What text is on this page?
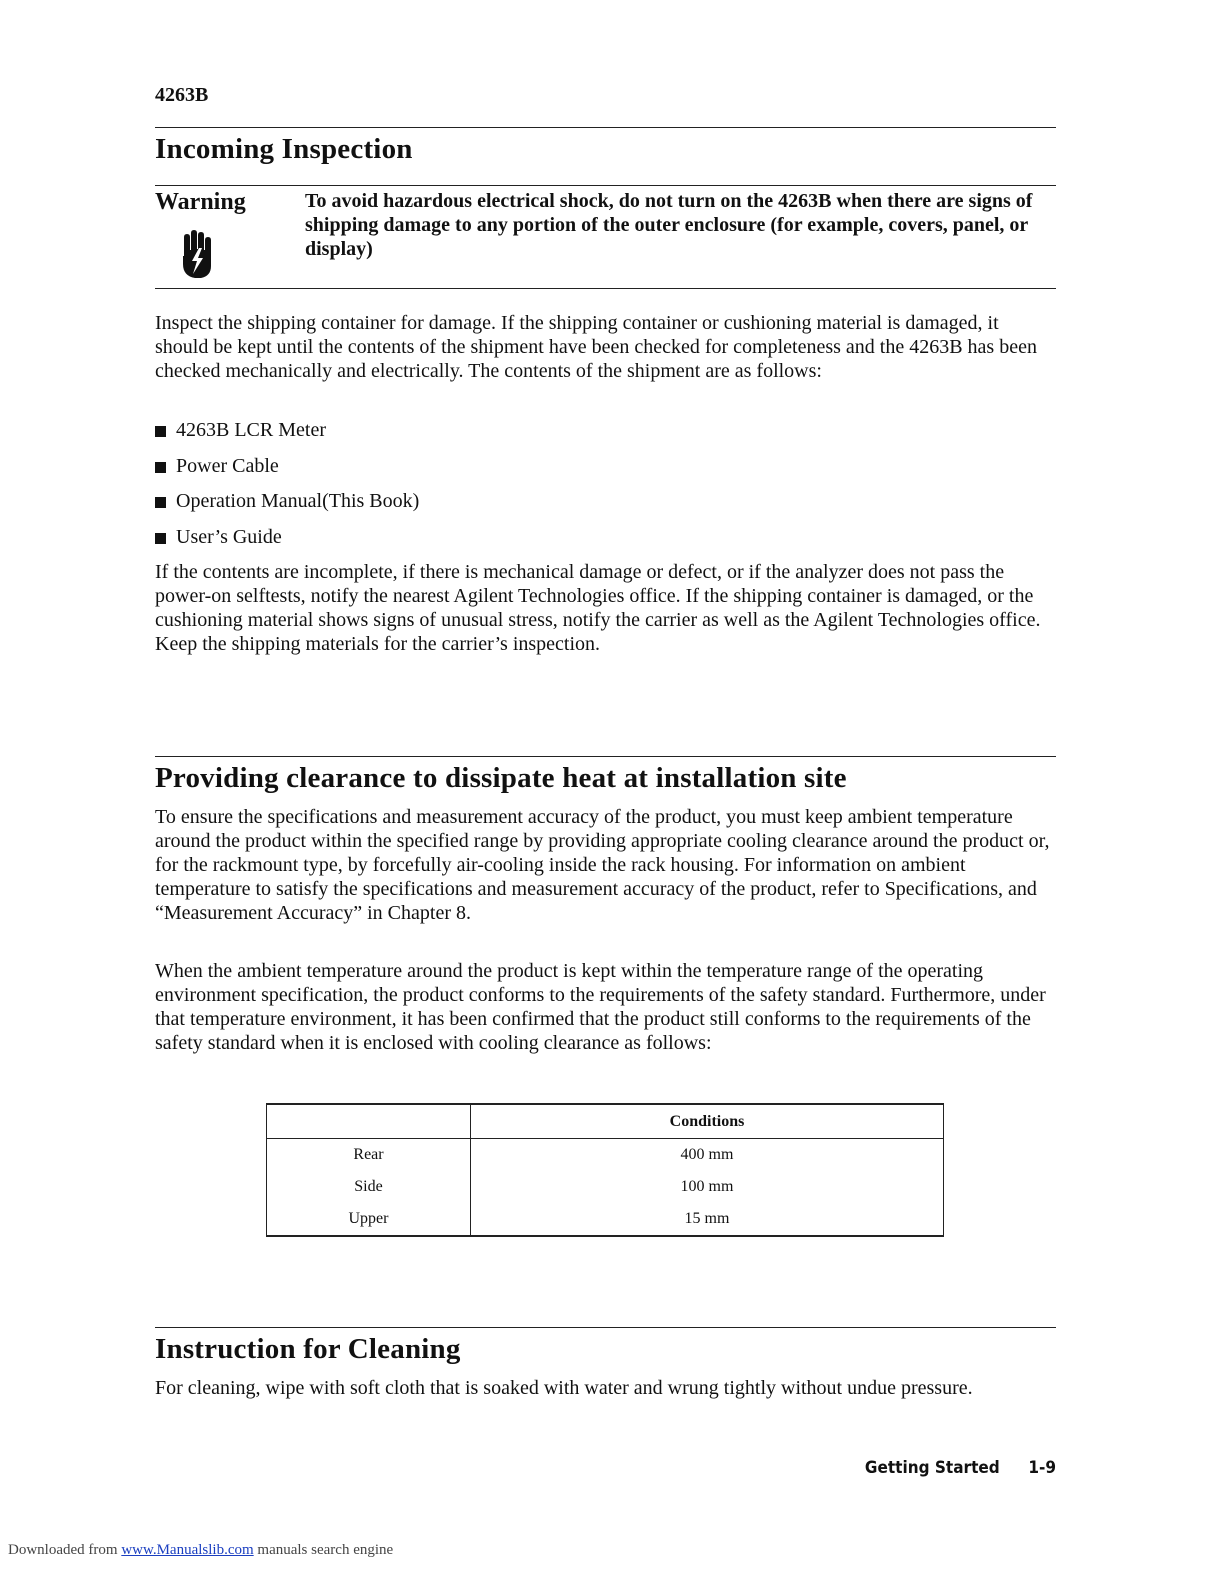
4263B
Incoming Inspection
Warning	To avoid hazardous electrical shock, do not turn on the 4263B when there are signs of shipping damage to any portion of the outer enclosure (for example, covers, panel, or display)

Inspect the shipping container for damage. If the shipping container or cushioning material is damaged, it should be kept until the contents of the shipment have been checked for completeness and the 4263B has been checked mechanically and electrically. The contents of the shipment are as follows:

4263B LCR Meter
Power Cable
Operation Manual(This Book)
User’s Guide

If the contents are incomplete, if there is mechanical damage or defect, or if the analyzer does not pass the power-on selftests, notify the nearest Agilent Technologies office. If the shipping container is damaged, or the cushioning material shows signs of unusual stress, notify the carrier as well as the Agilent Technologies office. Keep the shipping materials for the carrier’s inspection.

Providing clearance to dissipate heat at installation site

To ensure the specifications and measurement accuracy of the product, you must keep ambient temperature around the product within the specified range by providing appropriate cooling clearance around the product or, for the rackmount type, by forcefully air-cooling inside the rack housing. For information on ambient temperature to satisfy the specifications and measurement accuracy of the product, refer to Specifications, and “Measurement Accuracy” in Chapter 8.

When the ambient temperature around the product is kept within the temperature range of the operating environment specification, the product conforms to the requirements of the safety standard. Furthermore, under that temperature environment, it has been confirmed that the product still conforms to the requirements of the safety standard when it is enclosed with cooling clearance as follows:

	Conditions
Rear	400 mm
Side	100 mm
Upper	15 mm
Instruction for Cleaning

For cleaning, wipe with soft cloth that is soaked with water and wrung tightly without undue pressure.

Getting Started 1-9
Downloaded from www.Manualslib.com manuals search engine
